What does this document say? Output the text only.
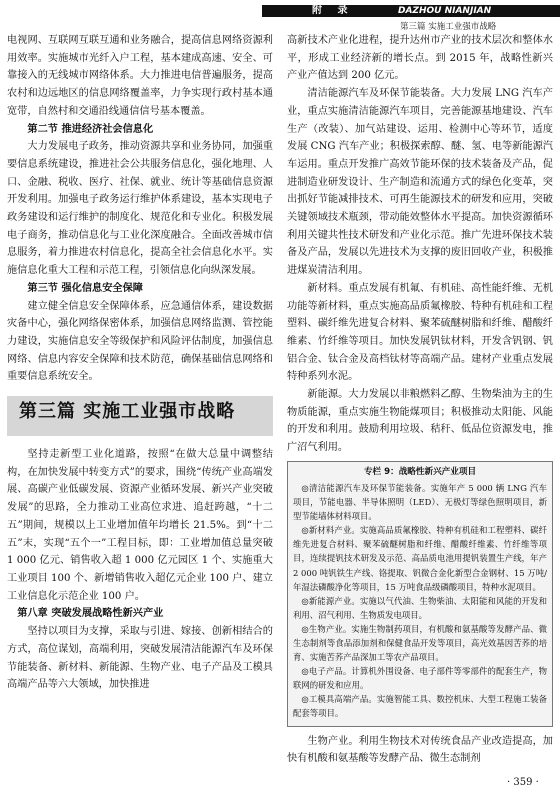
附 录	DAZHOU NIANJIAN
第三篇 实施工业强市战略

电视网、互联网互联互通和业务融合，提高信息网络资源利用效率。实施城市光纤入户工程，基本建成高速、安全、可靠接入的无线城市网络体系。大力推进电信普遍服务，提高农村和边远地区的信息网络覆盖率，力争实现行政村基本通宽带，自然村和交通沿线通信信号基本覆盖。

第二节 推进经济社会信息化

大力发展电子政务，推动资源共享和业务协同，加强重要信息系统建设，推进社会公共服务信息化，强化地理、人口、金融、税收、医疗、社保、就业、统计等基础信息资源开发利用。加强电子政务运行维护体系建设，基本实现电子政务建设和运行维护的制度化、规范化和专业化。积极发展电子商务，推动信息化与工业化深度融合。全面改善城市信息服务，着力推进农村信息化，提高全社会信息化水平。实施信息化重大工程和示范工程，引领信息化向纵深发展。

第三节 强化信息安全保障

建立健全信息安全保障体系，应急通信体系，建设数据灾备中心，强化网络保密体系，加强信息网络监测、管控能力建设，实施信息安全等级保护和风险评估制度，加强信息网络、信息内容安全保障和技术防范，确保基础信息网络和重要信息系统安全。

第三篇 实施工业强市战略

坚持走新型工业化道路，按照“在做大总量中调整结构，在加快发展中转变方式”的要求，围绕“传统产业高端发展、高碳产业低碳发展、资源产业循环发展、新兴产业突破发展”的思路，全力推动工业高位求进、追赶跨越，“十二五”期间，规模以上工业增加值年均增长 21.5%。到“十二五”末，实现“五个一”工程目标，即：工业增加值总量突破 1 000 亿元、销售收入超 1 000 亿元园区 1 个、实施重大工业项目 100 个、新增销售收入超亿元企业 100 户、建立工业信息化示范企业 100 户。

第八章 突破发展战略性新兴产业

坚持以项目为支撑，采取与引进、嫁接、创新相结合的方式，高位谋划，高端利用，突破发展清洁能源汽车及环保节能装备、新材料、新能源、生物产业、电子产品及工模具高端产品等六大领域，加快推进

高新技术产业化进程，提升达州市产业的技术层次和整体水平，形成工业经济新的增长点。到 2015 年，战略性新兴产业产值达到 200 亿元。

清洁能源汽车及环保节能装备。大力发展 LNG 汽车产业，重点实施清洁能源汽车项目，完善能源基地建设、汽车生产（改装）、加气站建设、运用、检测中心等环节，适度发展 CNG 汽车产业；积极探索醇、醚、氢、电等新能源汽车运用。重点开发推广高效节能环保的技术装备及产品，促进制造业研发设计、生产制造和流通方式的绿色化变革，突出抓好节能减排技术、可再生能源技术的研发和应用，突破关键领域技术瓶颈，带动能效整体水平提高。加快资源循环利用关键共性技术研发和产业化示范。推广先进环保技术装备及产品，发展以先进技术为支撑的废旧回收产业，积极推进煤炭清洁利用。

新材料。重点发展有机氟、有机硅、高性能纤维、无机功能等新材料，重点实施高品质氟橡胶、特种有机硅和工程塑料、碳纤维先进复合材料、聚苯硫醚树脂和纤维、醋酸纤维素、竹纤维等项目。加快发展钒钛材料，开发含钒钢、钒铝合金、钛合金及高档钛材等高端产品。建材产业重点发展特种系列水泥。

新能源。大力发展以非粮燃料乙醇、生物柴油为主的生物质能源，重点实施生物能煤项目；积极推动太阳能、风能的开发和利用。鼓励利用垃圾、秸秆、低品位资源发电，推广沼气利用。

专栏 9：战略性新兴产业项目

◎清洁能源汽车及环保节能装备。实施年产 5 000 辆 LNG 汽车项目，节能电器、半导体照明（LED）、无极灯等绿色照明项目，新型节能墙体材料项目。

◎新材料产业。实施高品质氟橡胶、特种有机硅和工程塑料、碳纤维先进复合材料、聚苯硫醚树脂和纤维、醋酸纤维素、竹纤维等项目，连续提钒技术研发及示范、高品质电池用提钒装置生产线，年产 2 000 吨钒铁生产线、铬提取、钒微合金化新型合金钢材、15 万吨/年湿法磷酸净化等项目，15 万吨食品级磷酸项目，特种水泥项目。

◎新能源产业。实施以气代油、生物柴油、太阳能和风能的开发和利用、沼气利用、生物质发电项目。

◎生物产业。实施生物制药项目，有机酸和氨基酸等发酵产品、微生态制剂等食品添加剂和保健食品开发等项目，高光效基因苦荞的培育、实施苦荞产品深加工等农产品项目。

◎电子产品。计算机外围设备、电子部件等零部件的配套生产，物联网的研发和应用。

◎工模具高端产品。实施智能工具、数控机床、大型工程施工装备配套等项目。

生物产业。利用生物技术对传统食品产业改造提高，加快有机酸和氨基酸等发酵产品、微生态制剂

· 359 ·
